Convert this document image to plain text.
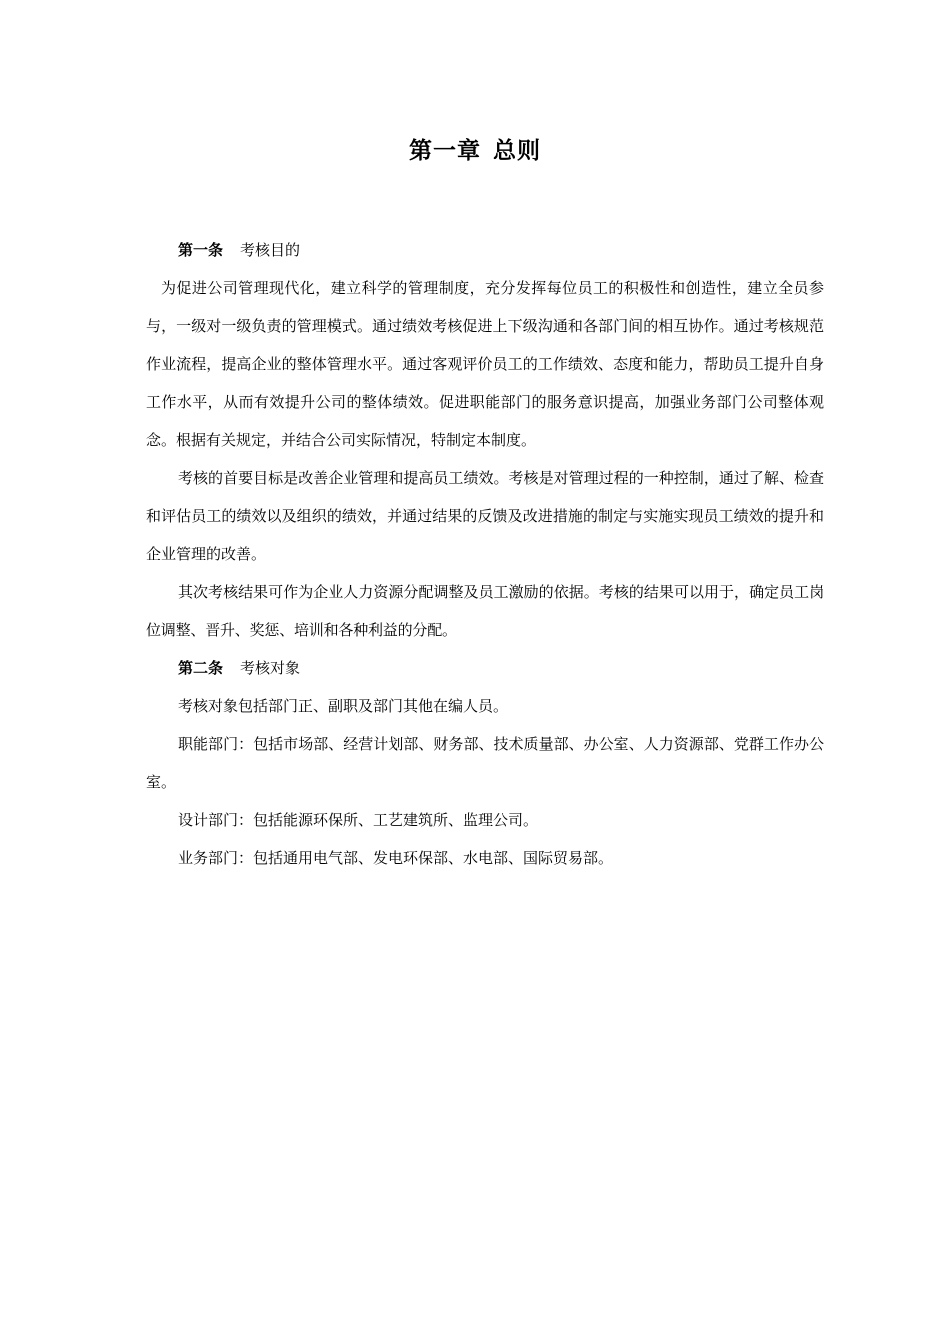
第一章 总则

第一条 考核目的

为促进公司管理现代化，建立科学的管理制度，充分发挥每位员工的积极性和创造性，建立全员参与，一级对一级负责的管理模式。通过绩效考核促进上下级沟通和各部门间的相互协作。通过考核规范作业流程，提高企业的整体管理水平。通过客观评价员工的工作绩效、态度和能力，帮助员工提升自身工作水平，从而有效提升公司的整体绩效。促进职能部门的服务意识提高，加强业务部门公司整体观念。根据有关规定，并结合公司实际情况，特制定本制度。

考核的首要目标是改善企业管理和提高员工绩效。考核是对管理过程的一种控制，通过了解、检查和评估员工的绩效以及组织的绩效，并通过结果的反馈及改进措施的制定与实施实现员工绩效的提升和企业管理的改善。

其次考核结果可作为企业人力资源分配调整及员工激励的依据。考核的结果可以用于，确定员工岗位调整、晋升、奖惩、培训和各种利益的分配。

第二条 考核对象

考核对象包括部门正、副职及部门其他在编人员。

职能部门：包括市场部、经营计划部、财务部、技术质量部、办公室、人力资源部、党群工作办公室。

设计部门：包括能源环保所、工艺建筑所、监理公司。

业务部门：包括通用电气部、发电环保部、水电部、国际贸易部。
